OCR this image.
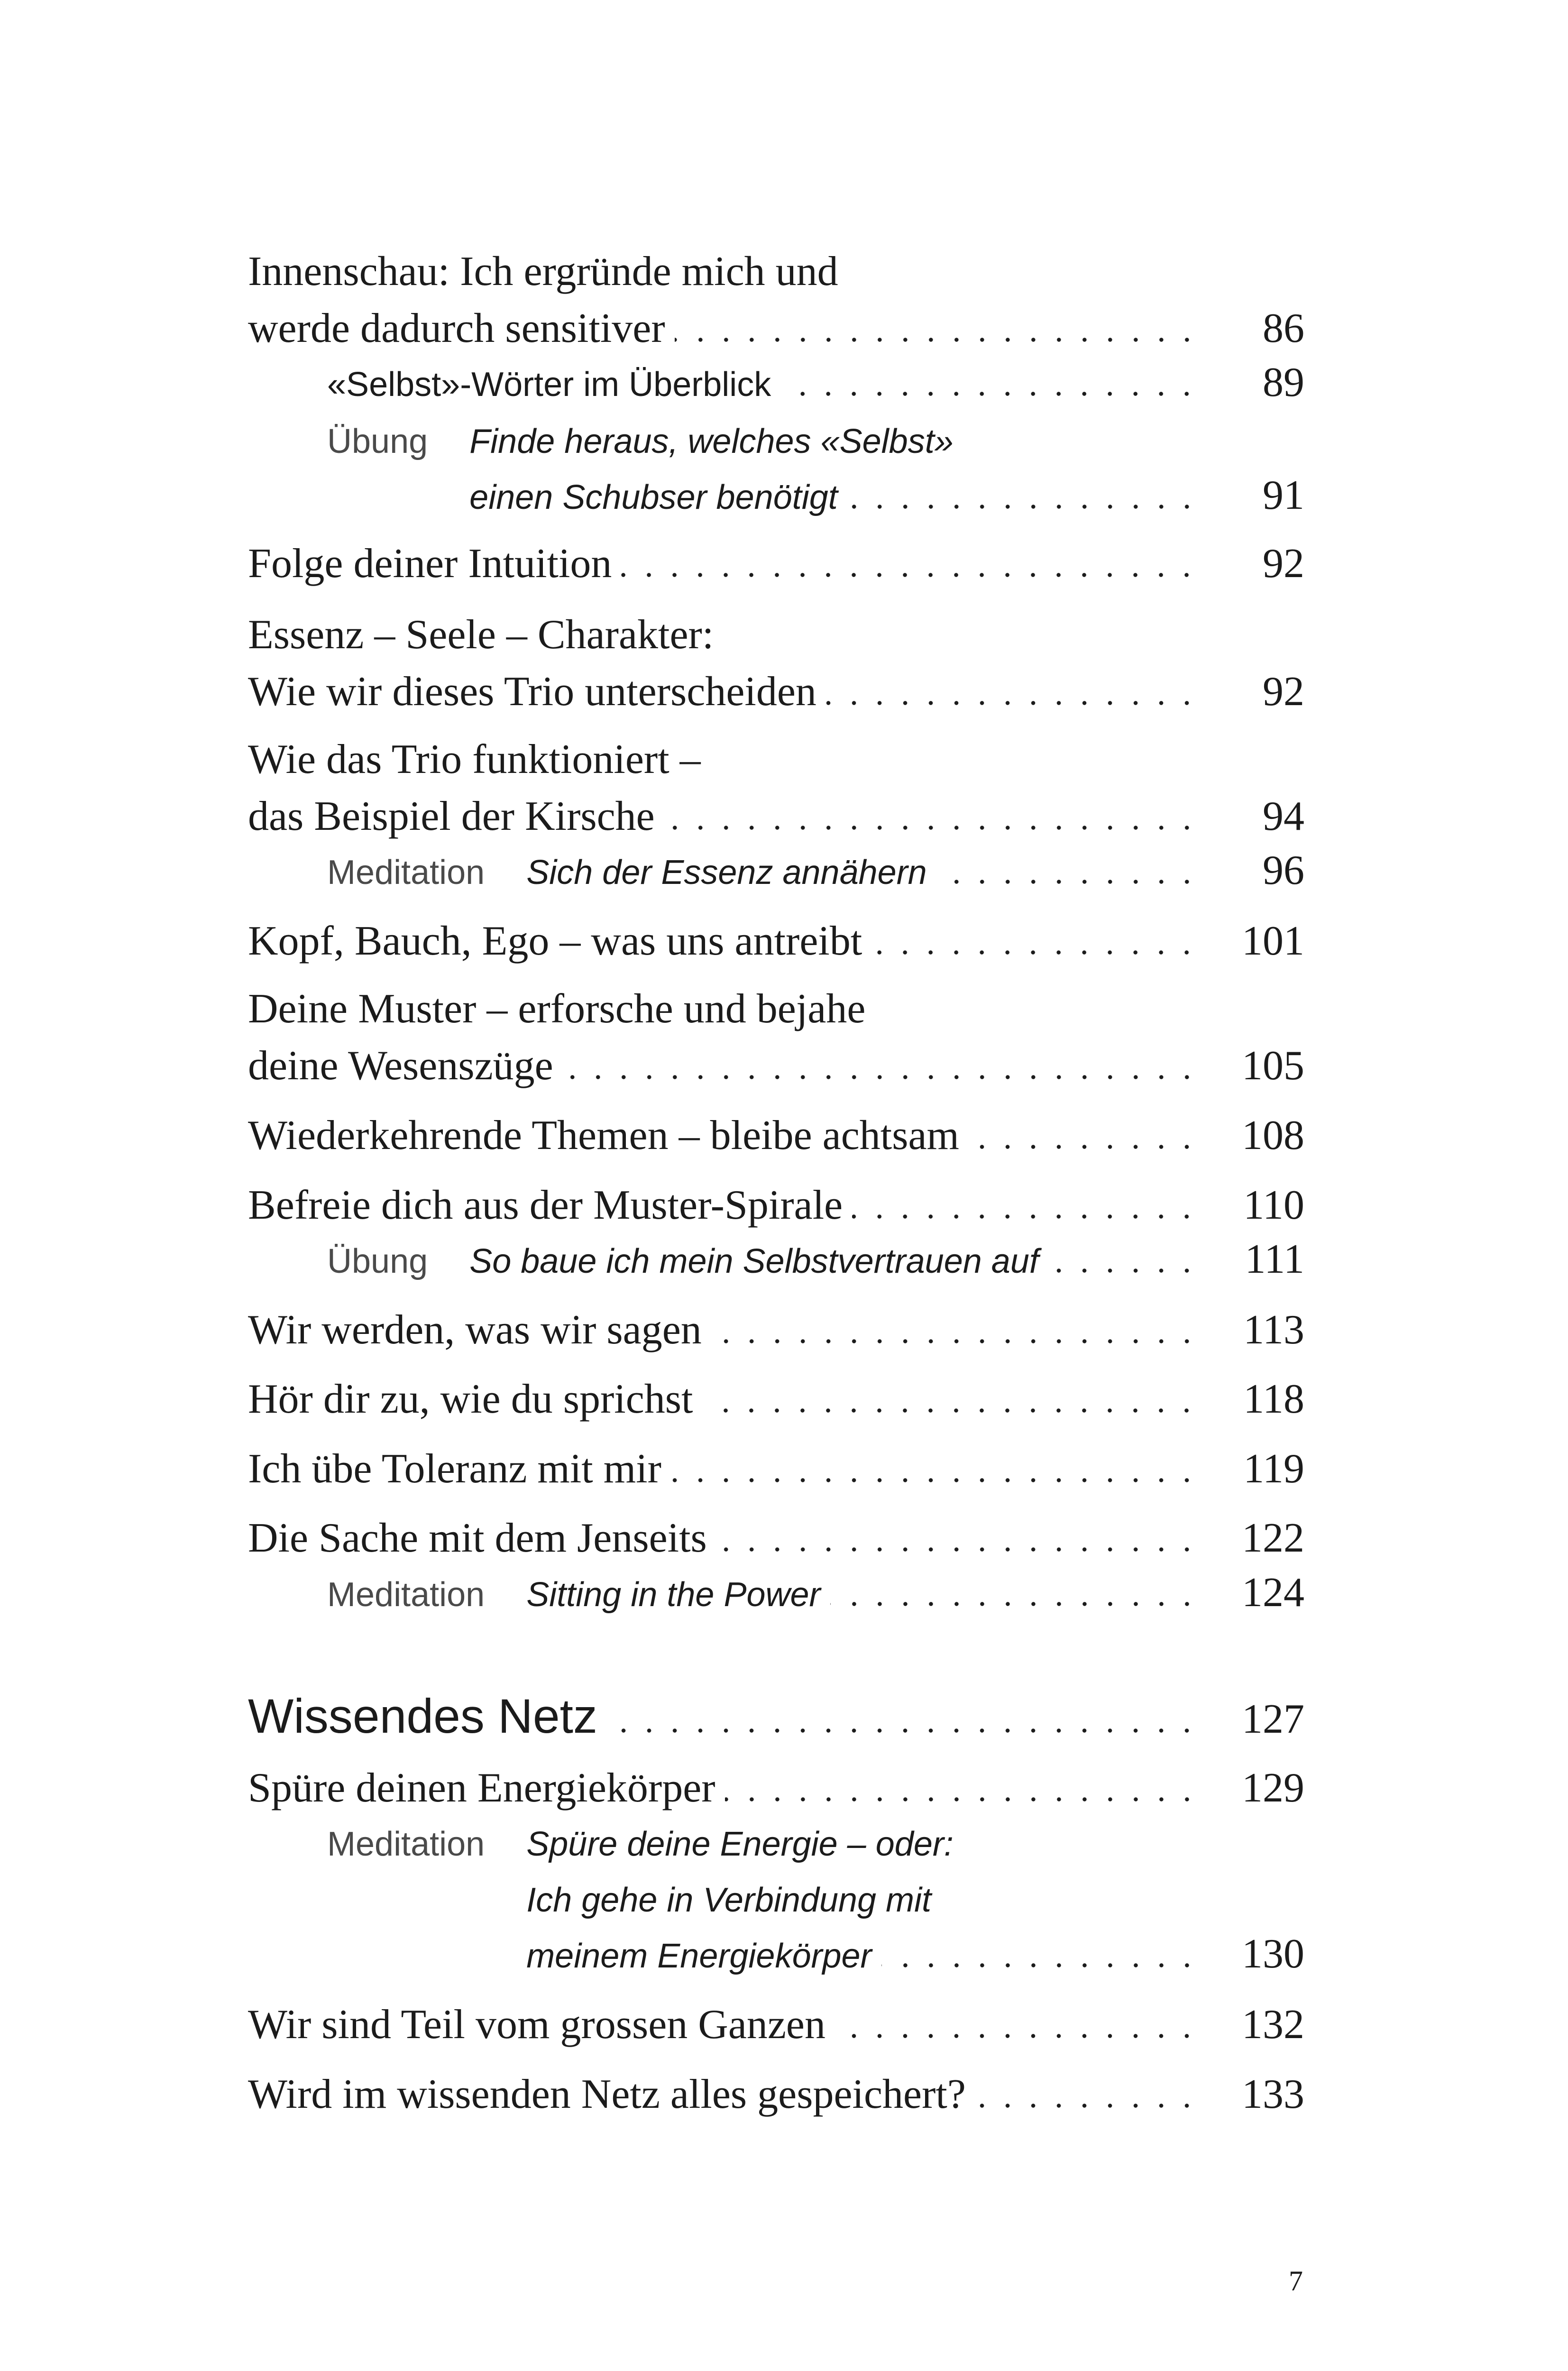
Innenschau: Ich ergründe mich und
werde dadurch sensitiver	86
«Selbst»-Wörter im Überblick	89
Übung Finde heraus, welches «Selbst»
einen Schubser benötigt	91
Folge deiner Intuition	92
Essenz – Seele – Charakter:
Wie wir dieses Trio unterscheiden	92
Wie das Trio funktioniert –
das Beispiel der Kirsche	94
Meditation Sich der Essenz annähern	96
Kopf, Bauch, Ego – was uns antreibt	101
Deine Muster – erforsche und bejahe
deine Wesenszüge	105
Wiederkehrende Themen – bleibe achtsam	108
Befreie dich aus der Muster-Spirale	110
Übung So baue ich mein Selbstvertrauen auf	111
Wir werden, was wir sagen	113
Hör dir zu, wie du sprichst	118
Ich übe Toleranz mit mir	119
Die Sache mit dem Jenseits	122
Meditation Sitting in the Power	124
Wissendes Netz	127
Spüre deinen Energiekörper	129
Meditation Spüre deine Energie – oder:
Ich gehe in Verbindung mit
meinem Energiekörper	130
Wir sind Teil vom grossen Ganzen	132
Wird im wissenden Netz alles gespeichert?	133
7
